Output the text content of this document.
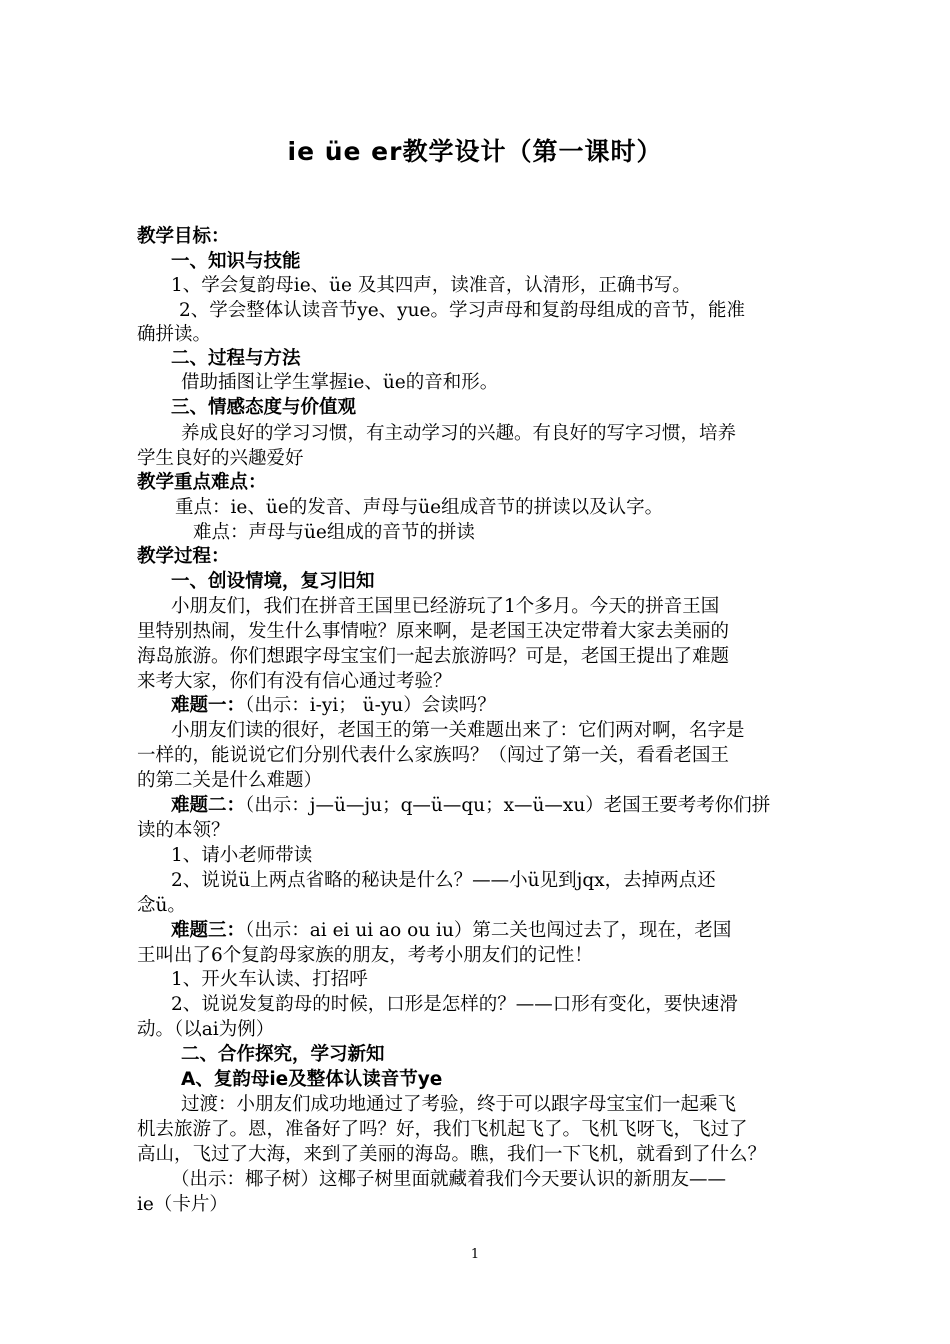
ie üe er教学设计（第一课时）
教学目标：
一、知识与技能
1、学会复韵母ie、üe 及其四声，读准音，认清形，正确书写。
2、学会整体认读音节ye、yue。学习声母和复韵母组成的音节，能准
确拼读。
二、过程与方法
借助插图让学生掌握ie、üe的音和形。
三、情感态度与价值观
养成良好的学习习惯，有主动学习的兴趣。有良好的写字习惯，培养
学生良好的兴趣爱好
教学重点难点：
重点：ie、üe的发音、声母与üe组成音节的拼读以及认字。
难点：声母与üe组成的音节的拼读
教学过程：
一、创设情境，复习旧知
小朋友们，我们在拼音王国里已经游玩了1个多月。今天的拼音王国
里特别热闹，发生什么事情啦？原来啊，是老国王决定带着大家去美丽的
海岛旅游。你们想跟字母宝宝们一起去旅游吗？可是，老国王提出了难题
来考大家，你们有没有信心通过考验？
难题一：（出示：i-yi； ü-yu）会读吗？
小朋友们读的很好，老国王的第一关难题出来了：它们两对啊，名字是
一样的，能说说它们分别代表什么家族吗？（闯过了第一关，看看老国王
的第二关是什么难题）
难题二：（出示：j—ü—ju；q—ü—qu；x—ü—xu）老国王要考考你们拼
读的本领？
1、请小老师带读
2、说说ü上两点省略的秘诀是什么？——小ü见到jqx，去掉两点还
念ü。
难题三：（出示：ai ei ui ao ou iu）第二关也闯过去了，现在，老国
王叫出了6个复韵母家族的朋友，考考小朋友们的记性！
1、开火车认读、打招呼
2、说说发复韵母的时候，口形是怎样的？——口形有变化，要快速滑
动。（以ai为例）
二、合作探究，学习新知
A、复韵母ie及整体认读音节ye
过渡：小朋友们成功地通过了考验，终于可以跟字母宝宝们一起乘飞
机去旅游了。恩，准备好了吗？好，我们飞机起飞了。飞机飞呀飞，飞过了
高山，飞过了大海，来到了美丽的海岛。瞧，我们一下飞机，就看到了什么？
（出示：椰子树）这椰子树里面就藏着我们今天要认识的新朋友——
ie（卡片）
1
